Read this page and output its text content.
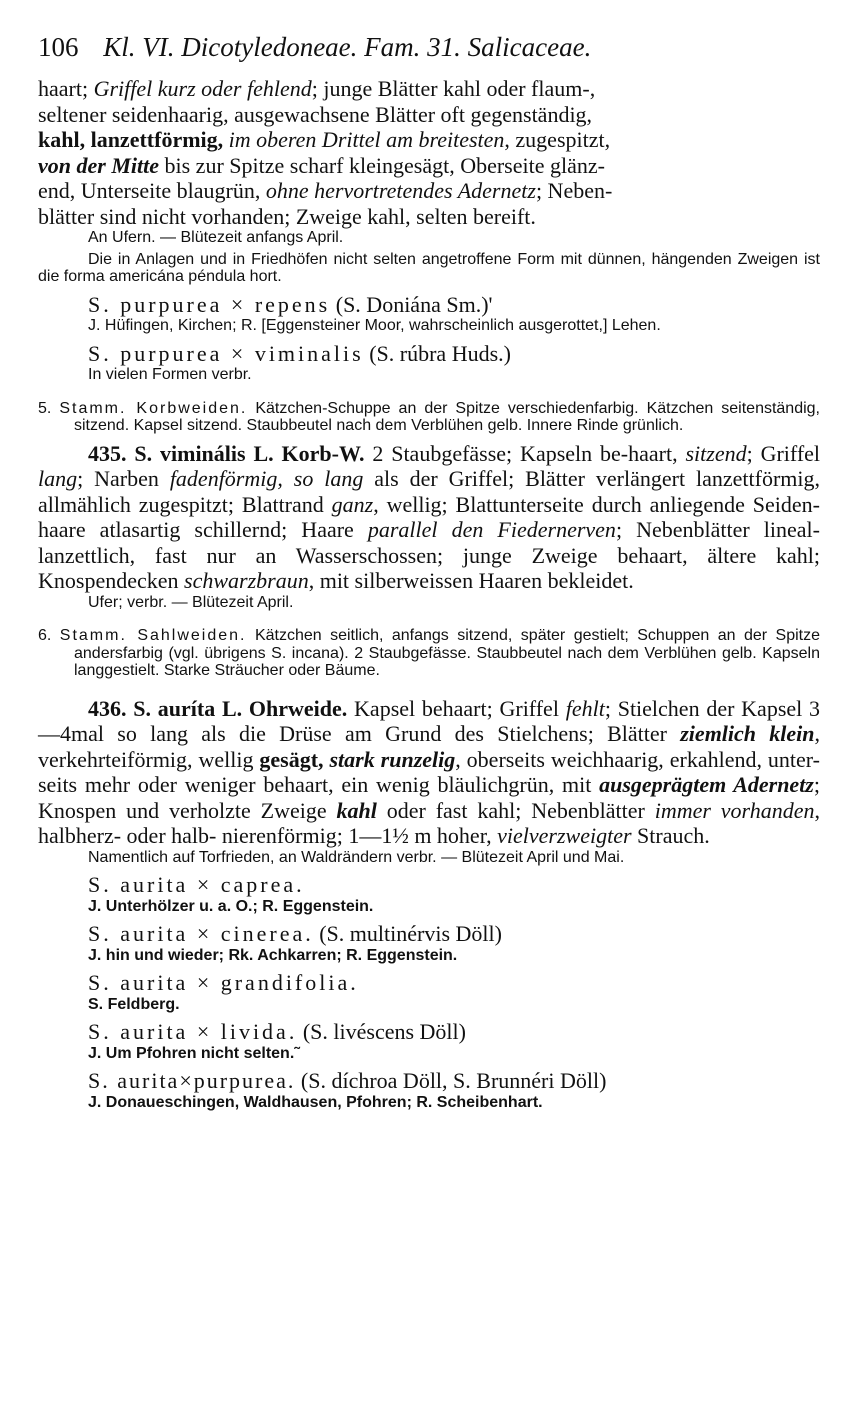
106 Kl. VI. Dicotyledoneae. Fam. 31. Salicaceae.
haart; Griffel kurz oder fehlend; junge Blätter kahl oder flaum-,
seltener seidenhaarig, ausgewachsene Blätter oft gegenständig,
kahl, lanzettförmig, im oberen Drittel am breitesten, zugespitzt,
von der Mitte bis zur Spitze scharf kleingesägt, Oberseite glänz-
end, Unterseite blaugrün, ohne hervortretendes Adernetz; Neben-
blätter sind nicht vorhanden; Zweige kahl, selten bereift.
An Ufern. — Blütezeit anfangs April.
Die in Anlagen und in Friedhöfen nicht selten angetroffene Form mit dünnen, hängenden Zweigen ist die forma americána péndula hort.
S. purpurea × repens (S. Doniána Sm.)'
J. Hüfingen, Kirchen; R. [Eggensteiner Moor, wahrscheinlich ausgerottet,] Lehen.
S. purpurea × viminalis (S. rúbra Huds.)
In vielen Formen verbr.
5. Stamm. Korbweiden. Kätzchen-Schuppe an der Spitze verschiedenfarbig. Kätzchen seitenständig, sitzend. Kapsel sitzend. Staubbeutel nach dem Verblühen gelb. Innere Rinde grünlich.
435. S. viminális L. Korb-W. 2 Staubgefässe; Kapseln be-haart, sitzend; Griffel lang; Narben fadenförmig, so lang als der Griffel; Blätter verlängert lanzettförmig, allmählich zugespitzt; Blattrand ganz, wellig; Blattunterseite durch anliegende Seiden- haare atlasartig schillernd; Haare parallel den Fiedernerven; Nebenblätter lineal-lanzettlich, fast nur an Wasserschossen; junge Zweige behaart, ältere kahl; Knospendecken schwarzbraun, mit silberweissen Haaren bekleidet.
Ufer; verbr. — Blütezeit April.
6. Stamm. Sahlweiden. Kätzchen seitlich, anfangs sitzend, später gestielt; Schuppen an der Spitze andersfarbig (vgl. übrigens S. incana). 2 Staubgefässe. Staubbeutel nach dem Verblühen gelb. Kapseln langgestielt. Starke Sträucher oder Bäume.
436. S. auríta L. Ohrweide. Kapsel behaart; Griffel fehlt; Stielchen der Kapsel 3—4mal so lang als die Drüse am Grund des Stielchens; Blätter ziemlich klein, verkehrteiförmig, wellig gesägt, stark runzelig, oberseits weichhaarig, erkahlend, unter- seits mehr oder weniger behaart, ein wenig bläulichgrün, mit ausgeprägtem Adernetz; Knospen und verholzte Zweige kahl oder fast kahl; Nebenblätter immer vorhanden, halbherz- oder halb- nierenförmig; 1—1½ m hoher, vielverzweigter Strauch.
Namentlich auf Torfrieden, an Waldrändern verbr. — Blütezeit April und Mai.
S. aurita × caprea.
J. Unterhölzer u. a. O.; R. Eggenstein.
S. aurita × cinerea. (S. multinérvis Döll)
J. hin und wieder; Rk. Achkarren; R. Eggenstein.
S. aurita × grandifolia.
S. Feldberg.
S. aurita × livida. (S. livéscens Döll)
J. Um Pfohren nicht selten.˜
S. aurita×purpurea. (S. díchroa Döll, S. Brunnéri Döll)
J. Donaueschingen, Waldhausen, Pfohren; R. Scheibenhart.
